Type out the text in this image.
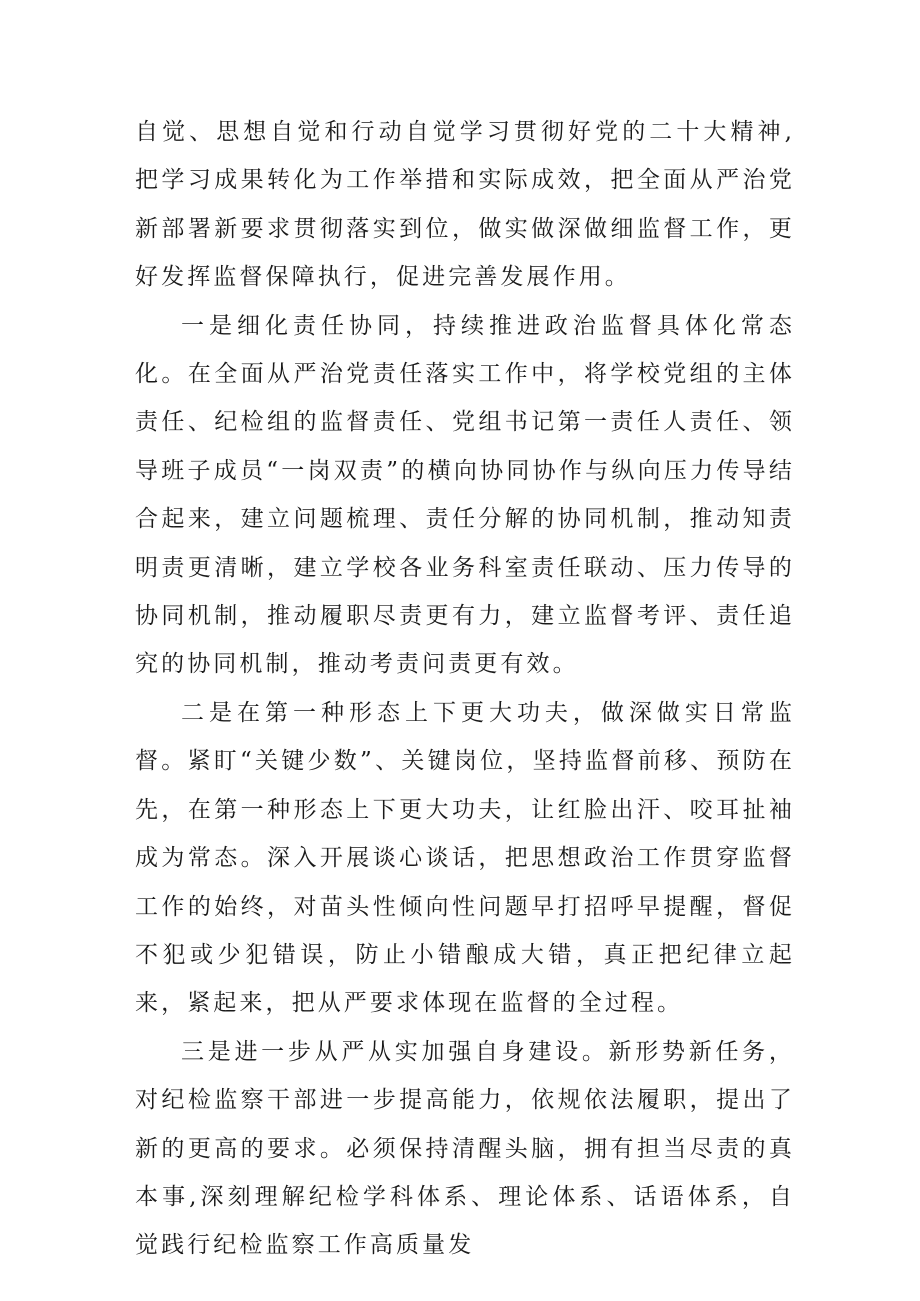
自觉、思想自觉和行动自觉学习贯彻好党的二十大精神,把学习成果转化为工作举措和实际成效，把全面从严治党新部署新要求贯彻落实到位，做实做深做细监督工作，更好发挥监督保障执行，促进完善发展作用。

一是细化责任协同，持续推进政治监督具体化常态化。在全面从严治党责任落实工作中，将学校党组的主体责任、纪检组的监督责任、党组书记第一责任人责任、领导班子成员“一岗双责”的横向协同协作与纵向压力传导结合起来，建立问题梳理、责任分解的协同机制，推动知责明责更清晰，建立学校各业务科室责任联动、压力传导的协同机制，推动履职尽责更有力，建立监督考评、责任追究的协同机制，推动考责问责更有效。

二是在第一种形态上下更大功夫，做深做实日常监督。紧盯“关键少数”、关键岗位，坚持监督前移、预防在先，在第一种形态上下更大功夫，让红脸出汗、咬耳扯袖成为常态。深入开展谈心谈话，把思想政治工作贯穿监督工作的始终，对苗头性倾向性问题早打招呼早提醒，督促不犯或少犯错误，防止小错酿成大错，真正把纪律立起来，紧起来，把从严要求体现在监督的全过程。

三是进一步从严从实加强自身建设。新形势新任务，对纪检监察干部进一步提高能力，依规依法履职，提出了新的更高的要求。必须保持清醒头脑，拥有担当尽责的真本事,深刻理解纪检学科体系、理论体系、话语体系，自觉践行纪检监察工作高质量发
